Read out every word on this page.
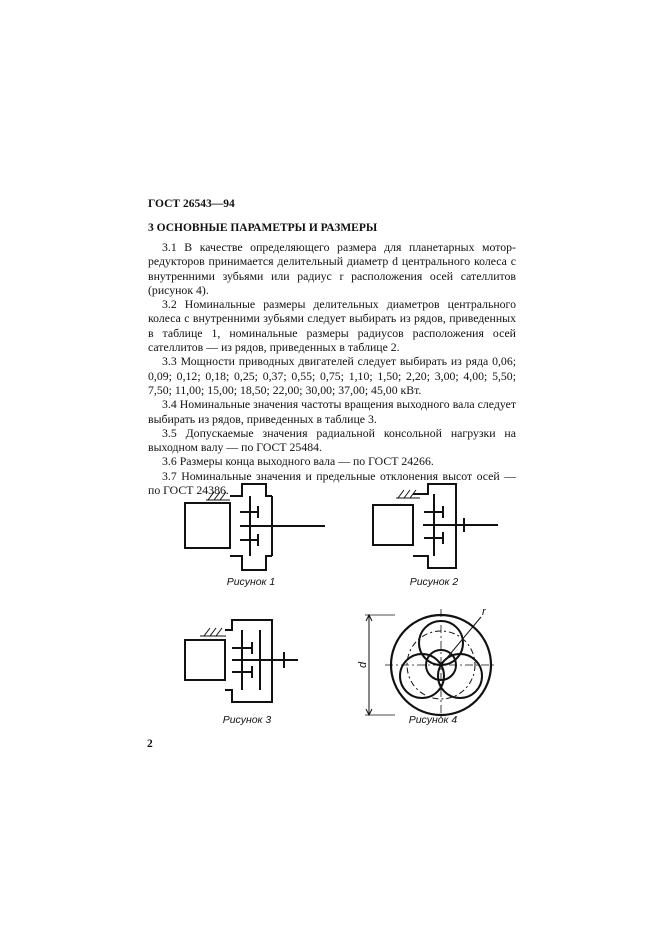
ГОСТ 26543—94
3 ОСНОВНЫЕ ПАРАМЕТРЫ И РАЗМЕРЫ

3.1 В качестве определяющего размера для планетарных мотор-редукторов принимается делительный диаметр d центрального колеса с внутренними зубьями или радиус r расположения осей сателлитов (рисунок 4).

3.2 Номинальные размеры делительных диаметров центрального колеса с внутренними зубьями следует выбирать из рядов, приведенных в таблице 1, номинальные размеры радиусов расположения осей сателлитов — из рядов, приведенных в таблице 2.

3.3 Мощности приводных двигателей следует выбирать из ряда 0,06; 0,09; 0,12; 0,18; 0,25; 0,37; 0,55; 0,75; 1,10; 1,50; 2,20; 3,00; 4,00; 5,50; 7,50; 11,00; 15,00; 18,50; 22,00; 30,00; 37,00; 45,00 кВт.

3.4 Номинальные значения частоты вращения выходного вала следует выбирать из рядов, приведенных в таблице 3.

3.5 Допускаемые значения радиальной консольной нагрузки на выходном валу — по ГОСТ 25484.

3.6 Размеры конца выходного вала — по ГОСТ 24266.

3.7 Номинальные значения и предельные отклонения высот осей — по ГОСТ 24386.

Рисунок 1	Рисунок 2
Рисунок 3
d
r
Рисунок 4
2
